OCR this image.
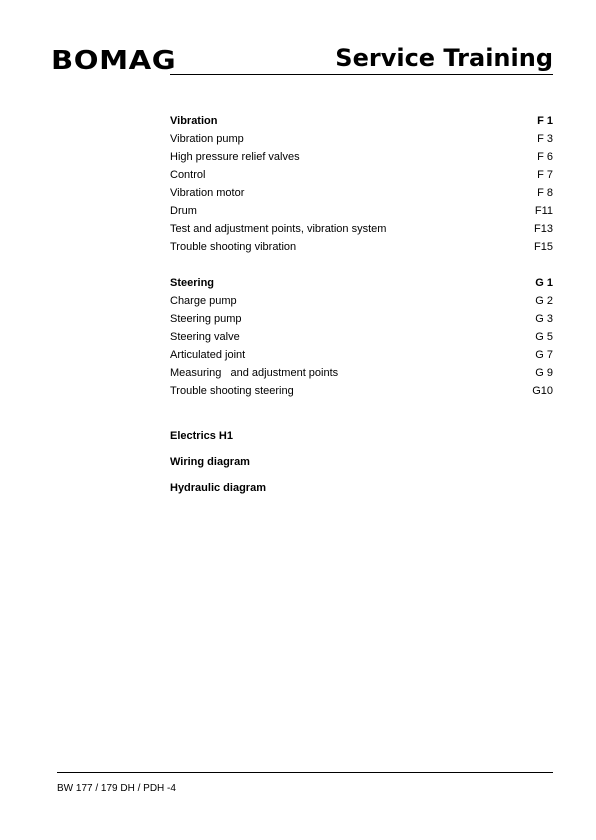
BOMAG	Service Training
Vibration	F 1
Vibration pump	F 3
High pressure relief valves	F 6
Control	F 7
Vibration motor	F 8
Drum	F11
Test and adjustment points, vibration system	F13
Trouble shooting vibration	F15
Steering	G 1
Charge pump	G 2
Steering pump	G 3
Steering valve	G 5
Articulated joint	G 7
Measuring   and adjustment points	G 9
Trouble shooting steering	G10
Electrics H1
Wiring diagram
Hydraulic diagram
BW 177 / 179 DH / PDH -4
